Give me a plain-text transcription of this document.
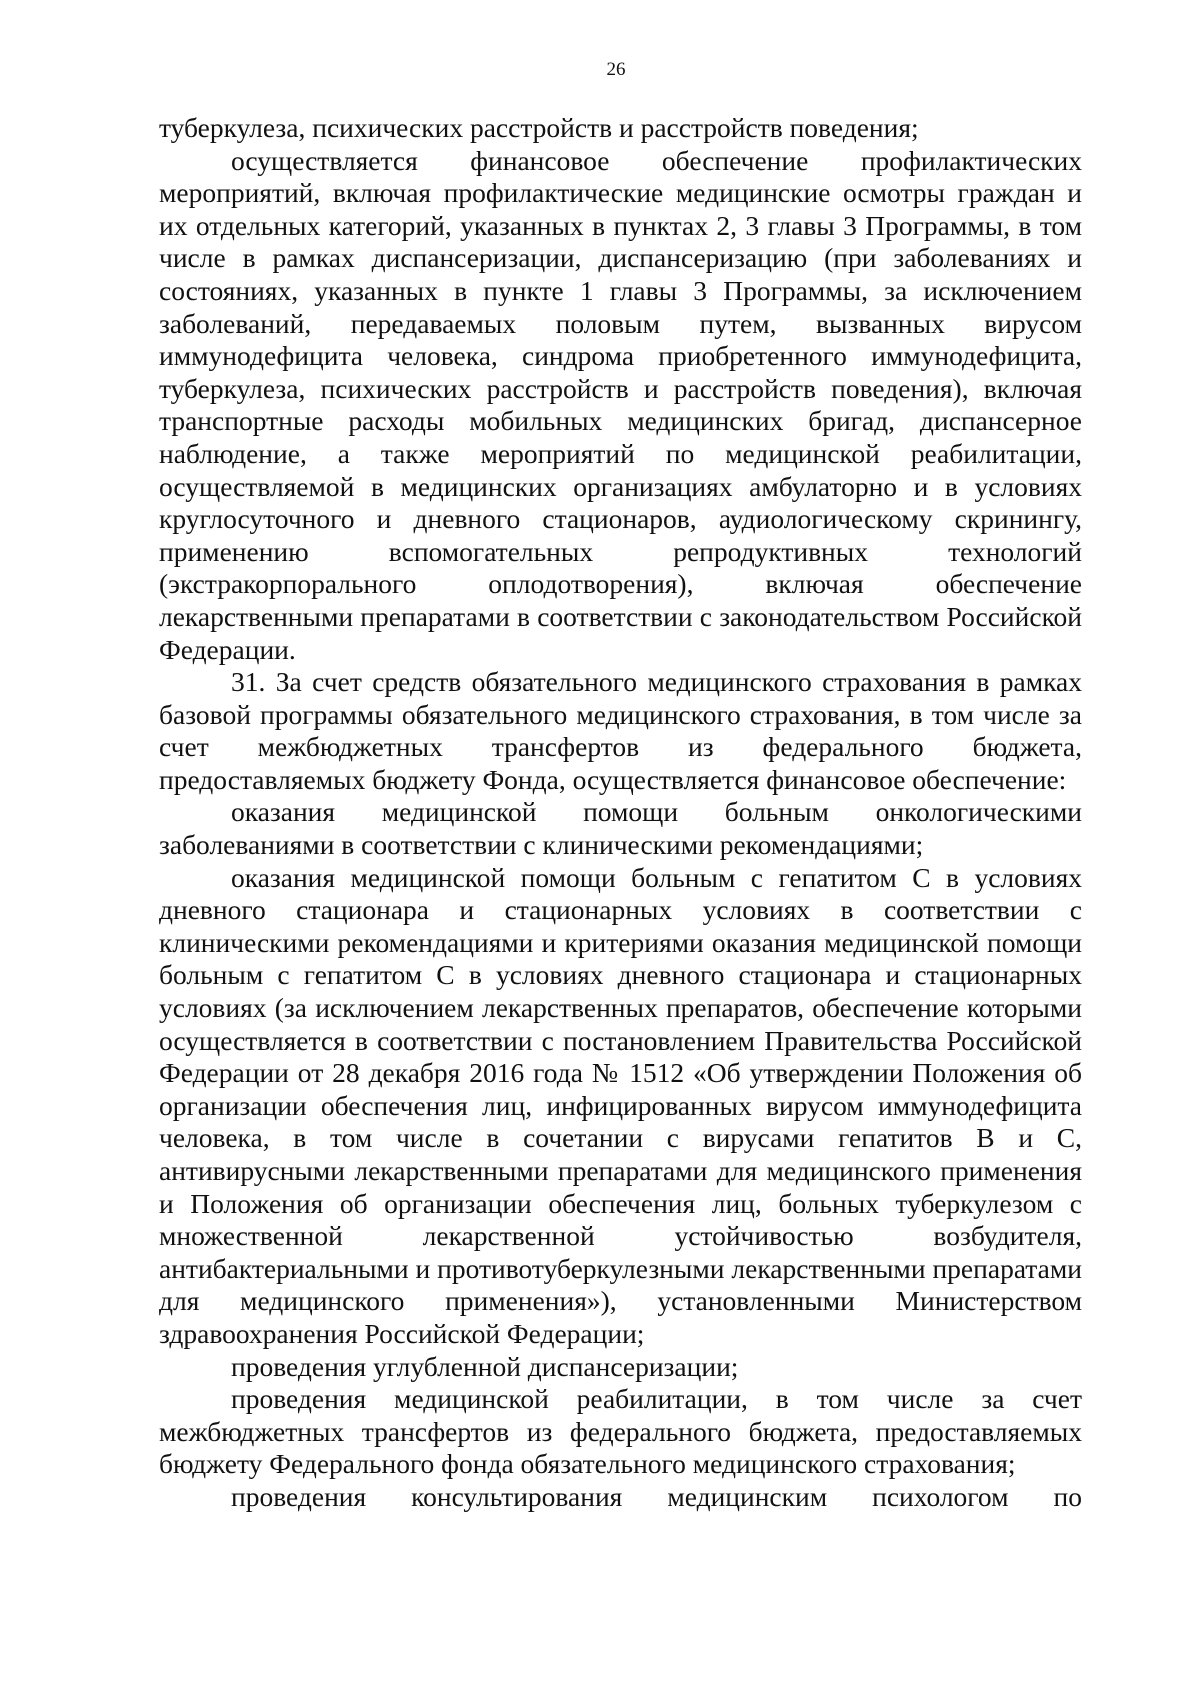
26

туберкулеза, психических расстройств и расстройств поведения;

осуществляется финансовое обеспечение профилактических мероприятий, включая профилактические медицинские осмотры граждан и их отдельных категорий, указанных в пунктах 2, 3 главы 3 Программы, в том числе в рамках диспансеризации, диспансеризацию (при заболеваниях и состояниях, указанных в пункте 1 главы 3 Программы, за исключением заболеваний, передаваемых половым путем, вызванных вирусом иммунодефицита человека, синдрома приобретенного иммунодефицита, туберкулеза, психических расстройств и расстройств поведения), включая транспортные расходы мобильных медицинских бригад, диспансерное наблюдение, а также мероприятий по медицинской реабилитации, осуществляемой в медицинских организациях амбулаторно и в условиях круглосуточного и дневного стационаров, аудиологическому скринингу, применению вспомогательных репродуктивных технологий (экстракорпорального оплодотворения), включая обеспечение лекарственными препаратами в соответствии с законодательством Российской Федерации.

31. За счет средств обязательного медицинского страхования в рамках базовой программы обязательного медицинского страхования, в том числе за счет межбюджетных трансфертов из федерального бюджета, предоставляемых бюджету Фонда, осуществляется финансовое обеспечение:

оказания медицинской помощи больным онкологическими заболеваниями в соответствии с клиническими рекомендациями;

оказания медицинской помощи больным с гепатитом С в условиях дневного стационара и стационарных условиях в соответствии с клиническими рекомендациями и критериями оказания медицинской помощи больным с гепатитом С в условиях дневного стационара и стационарных условиях (за исключением лекарственных препаратов, обеспечение которыми осуществляется в соответствии с постановлением Правительства Российской Федерации от 28 декабря 2016 года № 1512 «Об утверждении Положения об организации обеспечения лиц, инфицированных вирусом иммунодефицита человека, в том числе в сочетании с вирусами гепатитов В и С, антивирусными лекарственными препаратами для медицинского применения и Положения об организации обеспечения лиц, больных туберкулезом с множественной лекарственной устойчивостью возбудителя, антибактериальными и противотуберкулезными лекарственными препаратами для медицинского применения»), установленными Министерством здравоохранения Российской Федерации;

проведения углубленной диспансеризации;

проведения медицинской реабилитации, в том числе за счет межбюджетных трансфертов из федерального бюджета, предоставляемых бюджету Федерального фонда обязательного медицинского страхования;

проведения консультирования медицинским психологом по
